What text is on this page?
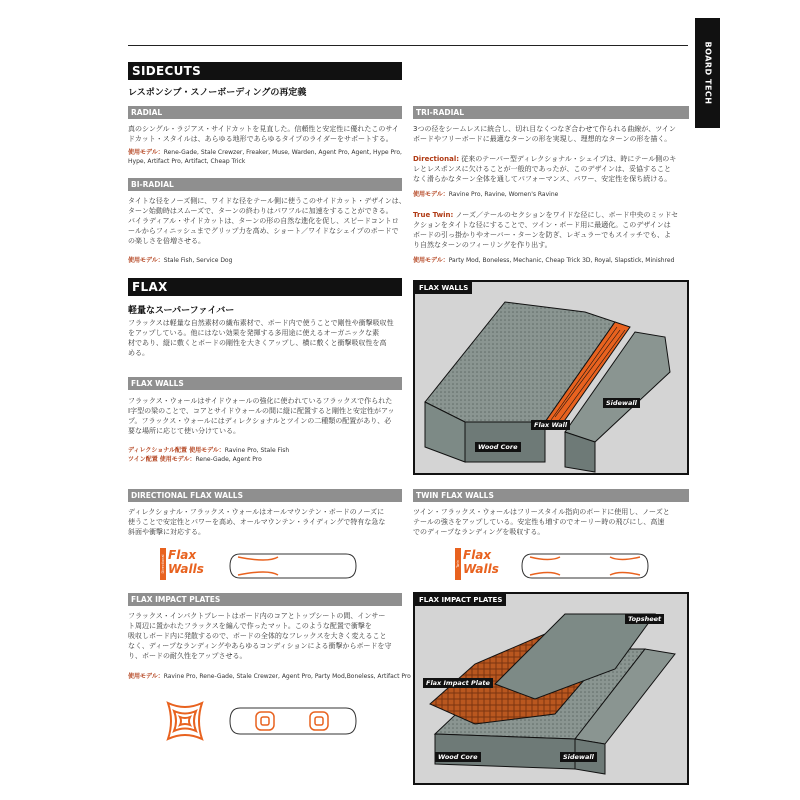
BOARD TECH
SIDECUTS
レスポンシブ・スノーボーディングの再定義
RADIAL
真のシングル・ラジアス・サイドカットを見直した。信頼性と安定性に優れたこのサイ
ドカット・スタイルは、あらゆる地形であらゆるタイプのライダーをサポートする。
使用モデル：Rene-Gade, Stale Crewzer, Freaker, Muse, Warden, Agent Pro, Agent, Hype Pro,
Hype, Artifact Pro, Artifact, Cheap Trick
BI-RADIAL
タイトな径をノーズ側に、ワイドな径をテール側に使うこのサイドカット・デザインは、
ターン始動時はスムーズで、ターンの終わりはパワフルに加速をすることができる。
バイラディアル・サイドカットは、ターンの形の自然な進化を促し、スピードコントロ
ールからフィニッシュまでグリップ力を高め、ショート／ワイドなシェイプのボードで
の楽しさを倍増させる。
使用モデル：Stale Fish, Service Dog
TRI-RADIAL
3つの径をシームレスに統合し、切れ目なくつなぎ合わせて作られる曲線が、ツイン
ボードやフリーボードに最適なターンの形を実現し、理想的なターンの形を描く。
Directional: 従来のテーパー型ディレクショナル・シェイプは、時にテール側のキ
レとレスポンスに欠けることが一般的であったが、このデザインは、妥協すること
なく滑らかなターン全体を通してパフォーマンス、パワー、安定性を保ち続ける。
使用モデル：Ravine Pro, Ravine, Women's Ravine
True Twin: ノーズ／テールのセクションをワイドな径にし、ボード中央のミッドセ
クションをタイトな径にすることで、ツイン・ボード用に最適化。このデザインは
ボードの引っ掛かりやオーバー・ターンを防ぎ、レギュラーでもスイッチでも、よ
り自然なターンのフィーリングを作り出す。
使用モデル：Party Mod, Boneless, Mechanic, Cheap Trick 3D, Royal, Slapstick, Minishred
FLAX
軽量なスーパーファイバー
フラックスは軽量な自然素材の繊布素材で、ボード内で使うことで剛性や衝撃吸収性
をアップしている。他にはない効果を発揮する多用途に使えるオーガニックな素
材であり、縦に敷くとボードの剛性を大きくアップし、横に敷くと衝撃吸収性を高
める。
FLAX WALLS
フラックス・ウォールはサイドウォールの強化に使われているフラックスで作られた
I字型の梁のことで、コアとサイドウォールの間に縦に配置すると剛性と安定性がアッ
プ。フラックス・ウォールにはディレクショナルとツインの二種類の配置があり、必
要な場所に応じて使い分けている。
ディレクショナル配置 使用モデル：Ravine Pro, Stale Fish
ツイン配置 使用モデル：Rene-Gade, Agent Pro
FLAX WALLS
Sidewall
Flax Wall
Wood Core
DIRECTIONAL FLAX WALLS
ディレクショナル・フラックス・ウォールはオールマウンテン・ボードのノーズに
使うことで安定性とパワーを高め、オールマウンテン・ライディングで特有な急な
斜面や衝撃に対応する。
Directional Flax
Walls
TWIN FLAX WALLS
ツイン・フラックス・ウォールはフリースタイル指向のボードに使用し、ノーズと
テールの強さをアップしている。安定性も増すのでオーリー時の飛びにし、高速
でのディープなランディングを吸収する。
Twin
Flax
Walls
FLAX IMPACT PLATES
フラックス・インパクトプレートはボード内のコアとトップシートの間、インサー
ト周辺に置かれたフラックスを編んで作ったマット。このような配置で衝撃を
吸収しボード内に発散するので、ボードの全体的なフレックスを大きく変えること
なく、ディープなランディングやあらゆるコンディションによる衝撃からボードを守
り、ボードの耐久性をアップさせる。
使用モデル：Ravine Pro, Rene-Gade, Stale Crewzer, Agent Pro, Party Mod,Boneless, Artifact Pro
FLAX IMPACT PLATES
Topsheet
Flax Impact Plate
Wood Core	Sidewall
